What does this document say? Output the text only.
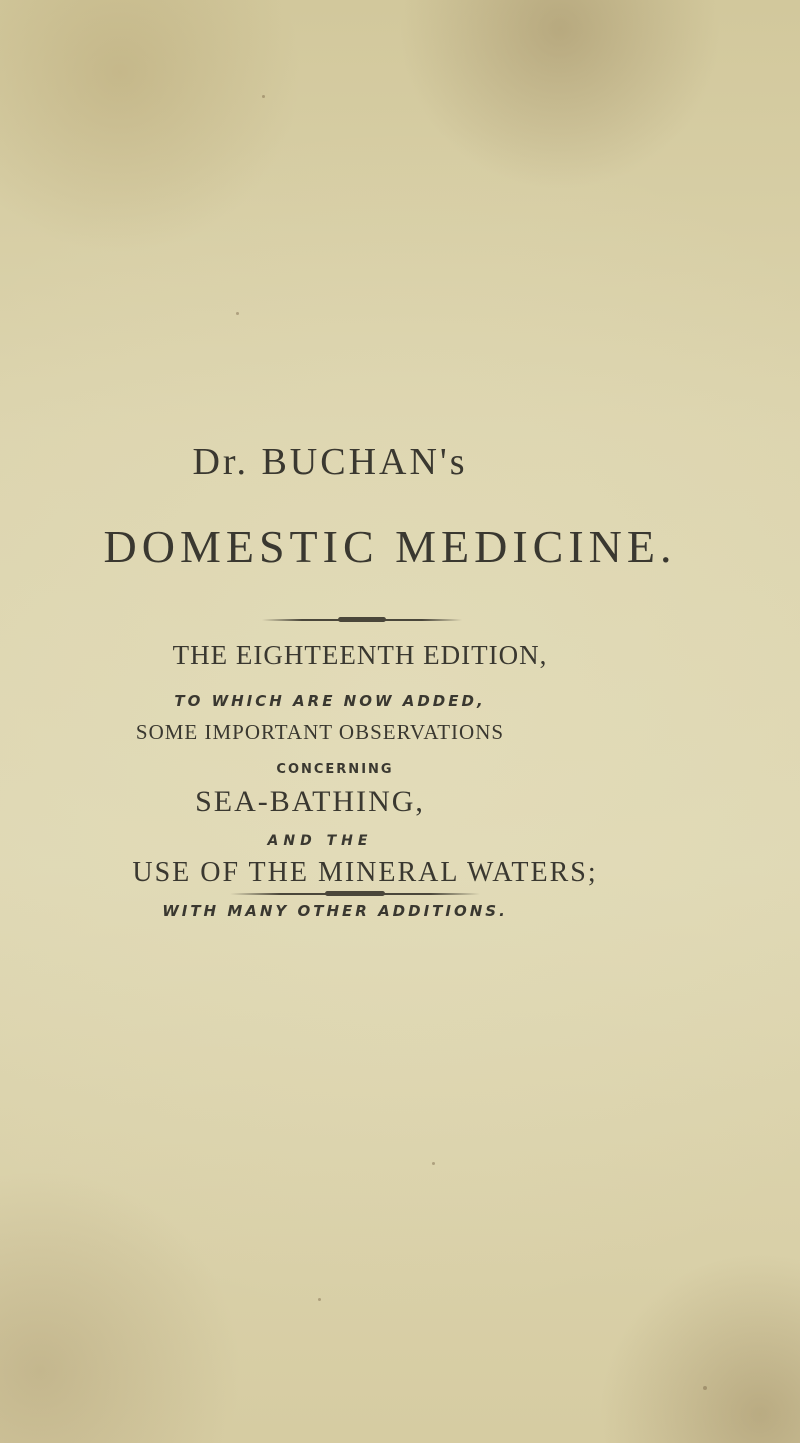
Dr. BUCHAN's
DOMESTIC MEDICINE.
THE EIGHTEENTH EDITION,
TO WHICH ARE NOW ADDED,
SOME IMPORTANT OBSERVATIONS
CONCERNING
SEA-BATHING,
AND THE
USE OF THE MINERAL WATERS;
WITH MANY OTHER ADDITIONS.
